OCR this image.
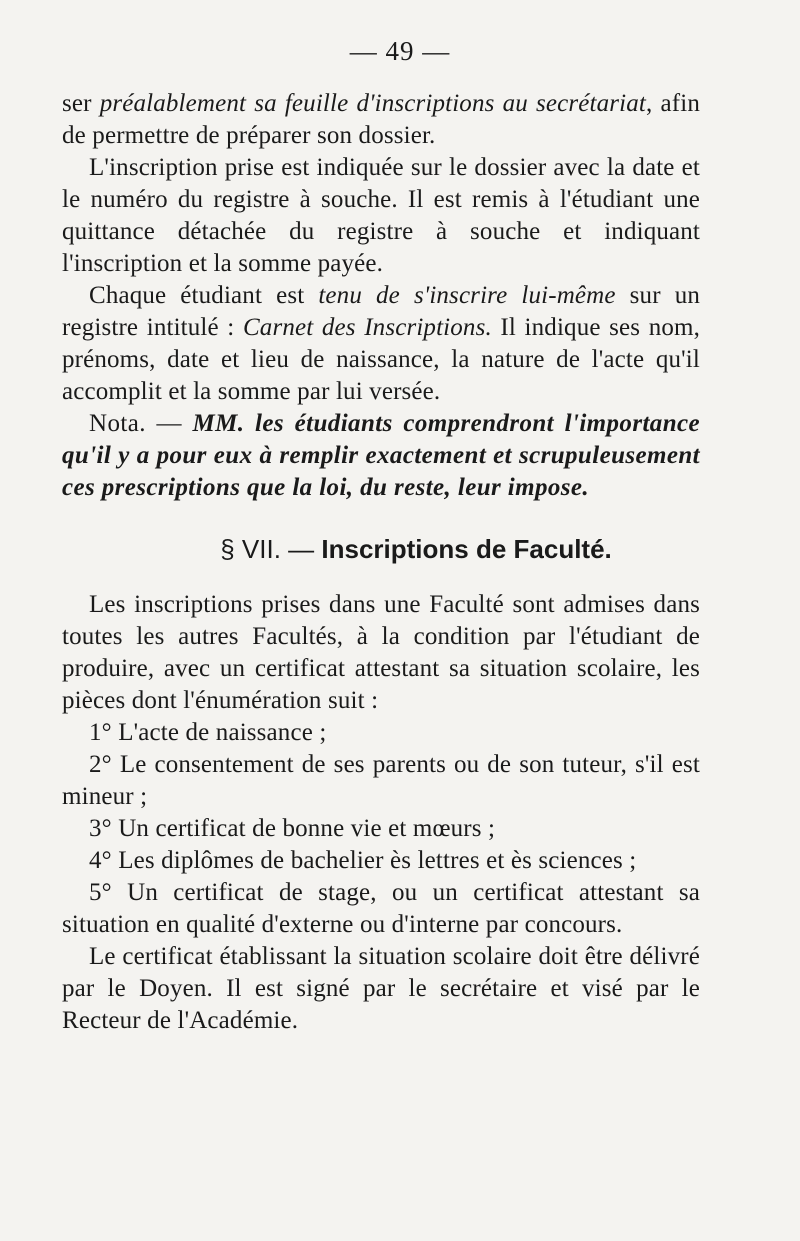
— 49 —

ser préalablement sa feuille d'inscriptions au secrétariat, afin de permettre de préparer son dossier.

L'inscription prise est indiquée sur le dossier avec la date et le numéro du registre à souche. Il est remis à l'étudiant une quittance détachée du registre à souche et indiquant l'inscription et la somme payée.

Chaque étudiant est tenu de s'inscrire lui-même sur un registre intitulé : Carnet des Inscriptions. Il indique ses nom, prénoms, date et lieu de naissance, la nature de l'acte qu'il accomplit et la somme par lui versée.

Nota. — MM. les étudiants comprendront l'importance qu'il y a pour eux à remplir exactement et scrupuleusement ces prescriptions que la loi, du reste, leur impose.

§ VII. — Inscriptions de Faculté.

Les inscriptions prises dans une Faculté sont admises dans toutes les autres Facultés, à la condition par l'étudiant de produire, avec un certificat attestant sa situation scolaire, les pièces dont l'énumération suit :

1° L'acte de naissance ;

2° Le consentement de ses parents ou de son tuteur, s'il est mineur ;

3° Un certificat de bonne vie et mœurs ;

4° Les diplômes de bachelier ès lettres et ès sciences ;

5° Un certificat de stage, ou un certificat attestant sa situation en qualité d'externe ou d'interne par concours.

Le certificat établissant la situation scolaire doit être délivré par le Doyen. Il est signé par le secrétaire et visé par le Recteur de l'Académie.
